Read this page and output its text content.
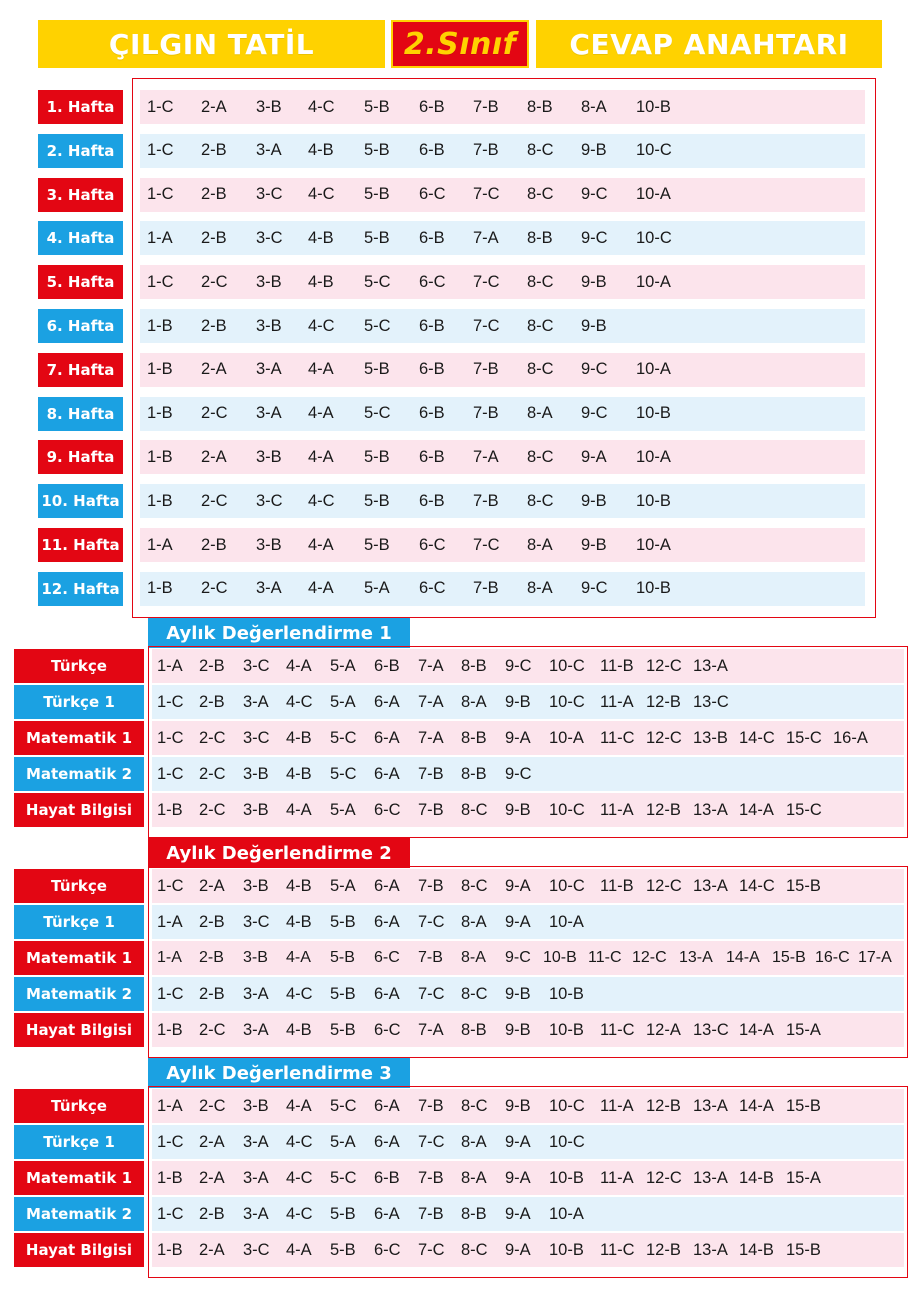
ÇILGIN TATİL	2.Sınıf	CEVAP ANAHTARI
1. Hafta	1-C 2-A 3-B 4-C 5-B 6-B 7-B 8-B 8-A 10-B
2. Hafta	1-C 2-B 3-A 4-B 5-B 6-B 7-B 8-C 9-B 10-C
3. Hafta	1-C 2-B 3-C 4-C 5-B 6-C 7-C 8-C 9-C 10-A
4. Hafta	1-A 2-B 3-C 4-B 5-B 6-B 7-A 8-B 9-C 10-C
5. Hafta	1-C 2-C 3-B 4-B 5-C 6-C 7-C 8-C 9-B 10-A
6. Hafta	1-B 2-B 3-B 4-C 5-C 6-B 7-C 8-C 9-B
7. Hafta	1-B 2-A 3-A 4-A 5-B 6-B 7-B 8-C 9-C 10-A
8. Hafta	1-B 2-C 3-A 4-A 5-C 6-B 7-B 8-A 9-C 10-B
9. Hafta	1-B 2-A 3-B 4-A 5-B 6-B 7-A 8-C 9-A 10-A
10. Hafta 1-B 2-C 3-C 4-C 5-B 6-B 7-B 8-C 9-B 10-B
11. Hafta 1-A 2-B 3-B 4-A 5-B 6-C 7-C 8-A 9-B 10-A
12. Hafta 1-B 2-C 3-A 4-A 5-A 6-C 7-B 8-A 9-C 10-B
Aylık Değerlendirme 1
Türkçe	1-A 2-B 3-C 4-A 5-A 6-B 7-A 8-B 9-C 10-C 11-B 12-C 13-A
Türkçe 1	1-C 2-B 3-A 4-C 5-A 6-A 7-A 8-A 9-B 10-C 11-A 12-B 13-C
Matematik 1	1-C 2-C 3-C 4-B 5-C 6-A 7-A 8-B 9-A 10-A 11-C 12-C 13-B 14-C 15-C 16-A
Matematik 2	1-C 2-C 3-B 4-B 5-C 6-A 7-B 8-B 9-C
Hayat Bilgisi	1-B 2-C 3-B 4-A 5-A 6-C 7-B 8-C 9-B 10-C 11-A 12-B 13-A 14-A 15-C
Aylık Değerlendirme 2
Türkçe	1-C 2-A 3-B 4-B 5-A 6-A 7-B 8-C 9-A 10-C 11-B 12-C 13-A 14-C 15-B
Türkçe 1	1-A 2-B 3-C 4-B 5-B 6-A 7-C 8-A 9-A 10-A
Matematik 1	1-A 2-B 3-B 4-A 5-B 6-C 7-B 8-A 9-C 10-B 11-C 12-C 13-A 14-A 15-B 16-C 17-A
Matematik 2	1-C 2-B 3-A 4-C 5-B 6-A 7-C 8-C 9-B 10-B
Hayat Bilgisi	1-B 2-C 3-A 4-B 5-B 6-C 7-A 8-B 9-B 10-B 11-C 12-A 13-C 14-A 15-A
Aylık Değerlendirme 3
Türkçe	1-A 2-C 3-B 4-A 5-C 6-A 7-B 8-C 9-B 10-C 11-A 12-B 13-A 14-A 15-B
Türkçe 1	1-C 2-A 3-A 4-C 5-A 6-A 7-C 8-A 9-A 10-C
Matematik 1	1-B 2-A 3-A 4-C 5-C 6-B 7-B 8-A 9-A 10-B 11-A 12-C 13-A 14-B 15-A
Matematik 2	1-C 2-B 3-A 4-C 5-B 6-A 7-B 8-B 9-A 10-A
Hayat Bilgisi	1-B 2-A 3-C 4-A 5-B 6-C 7-C 8-C 9-A 10-B 11-C 12-B 13-A 14-B 15-B
